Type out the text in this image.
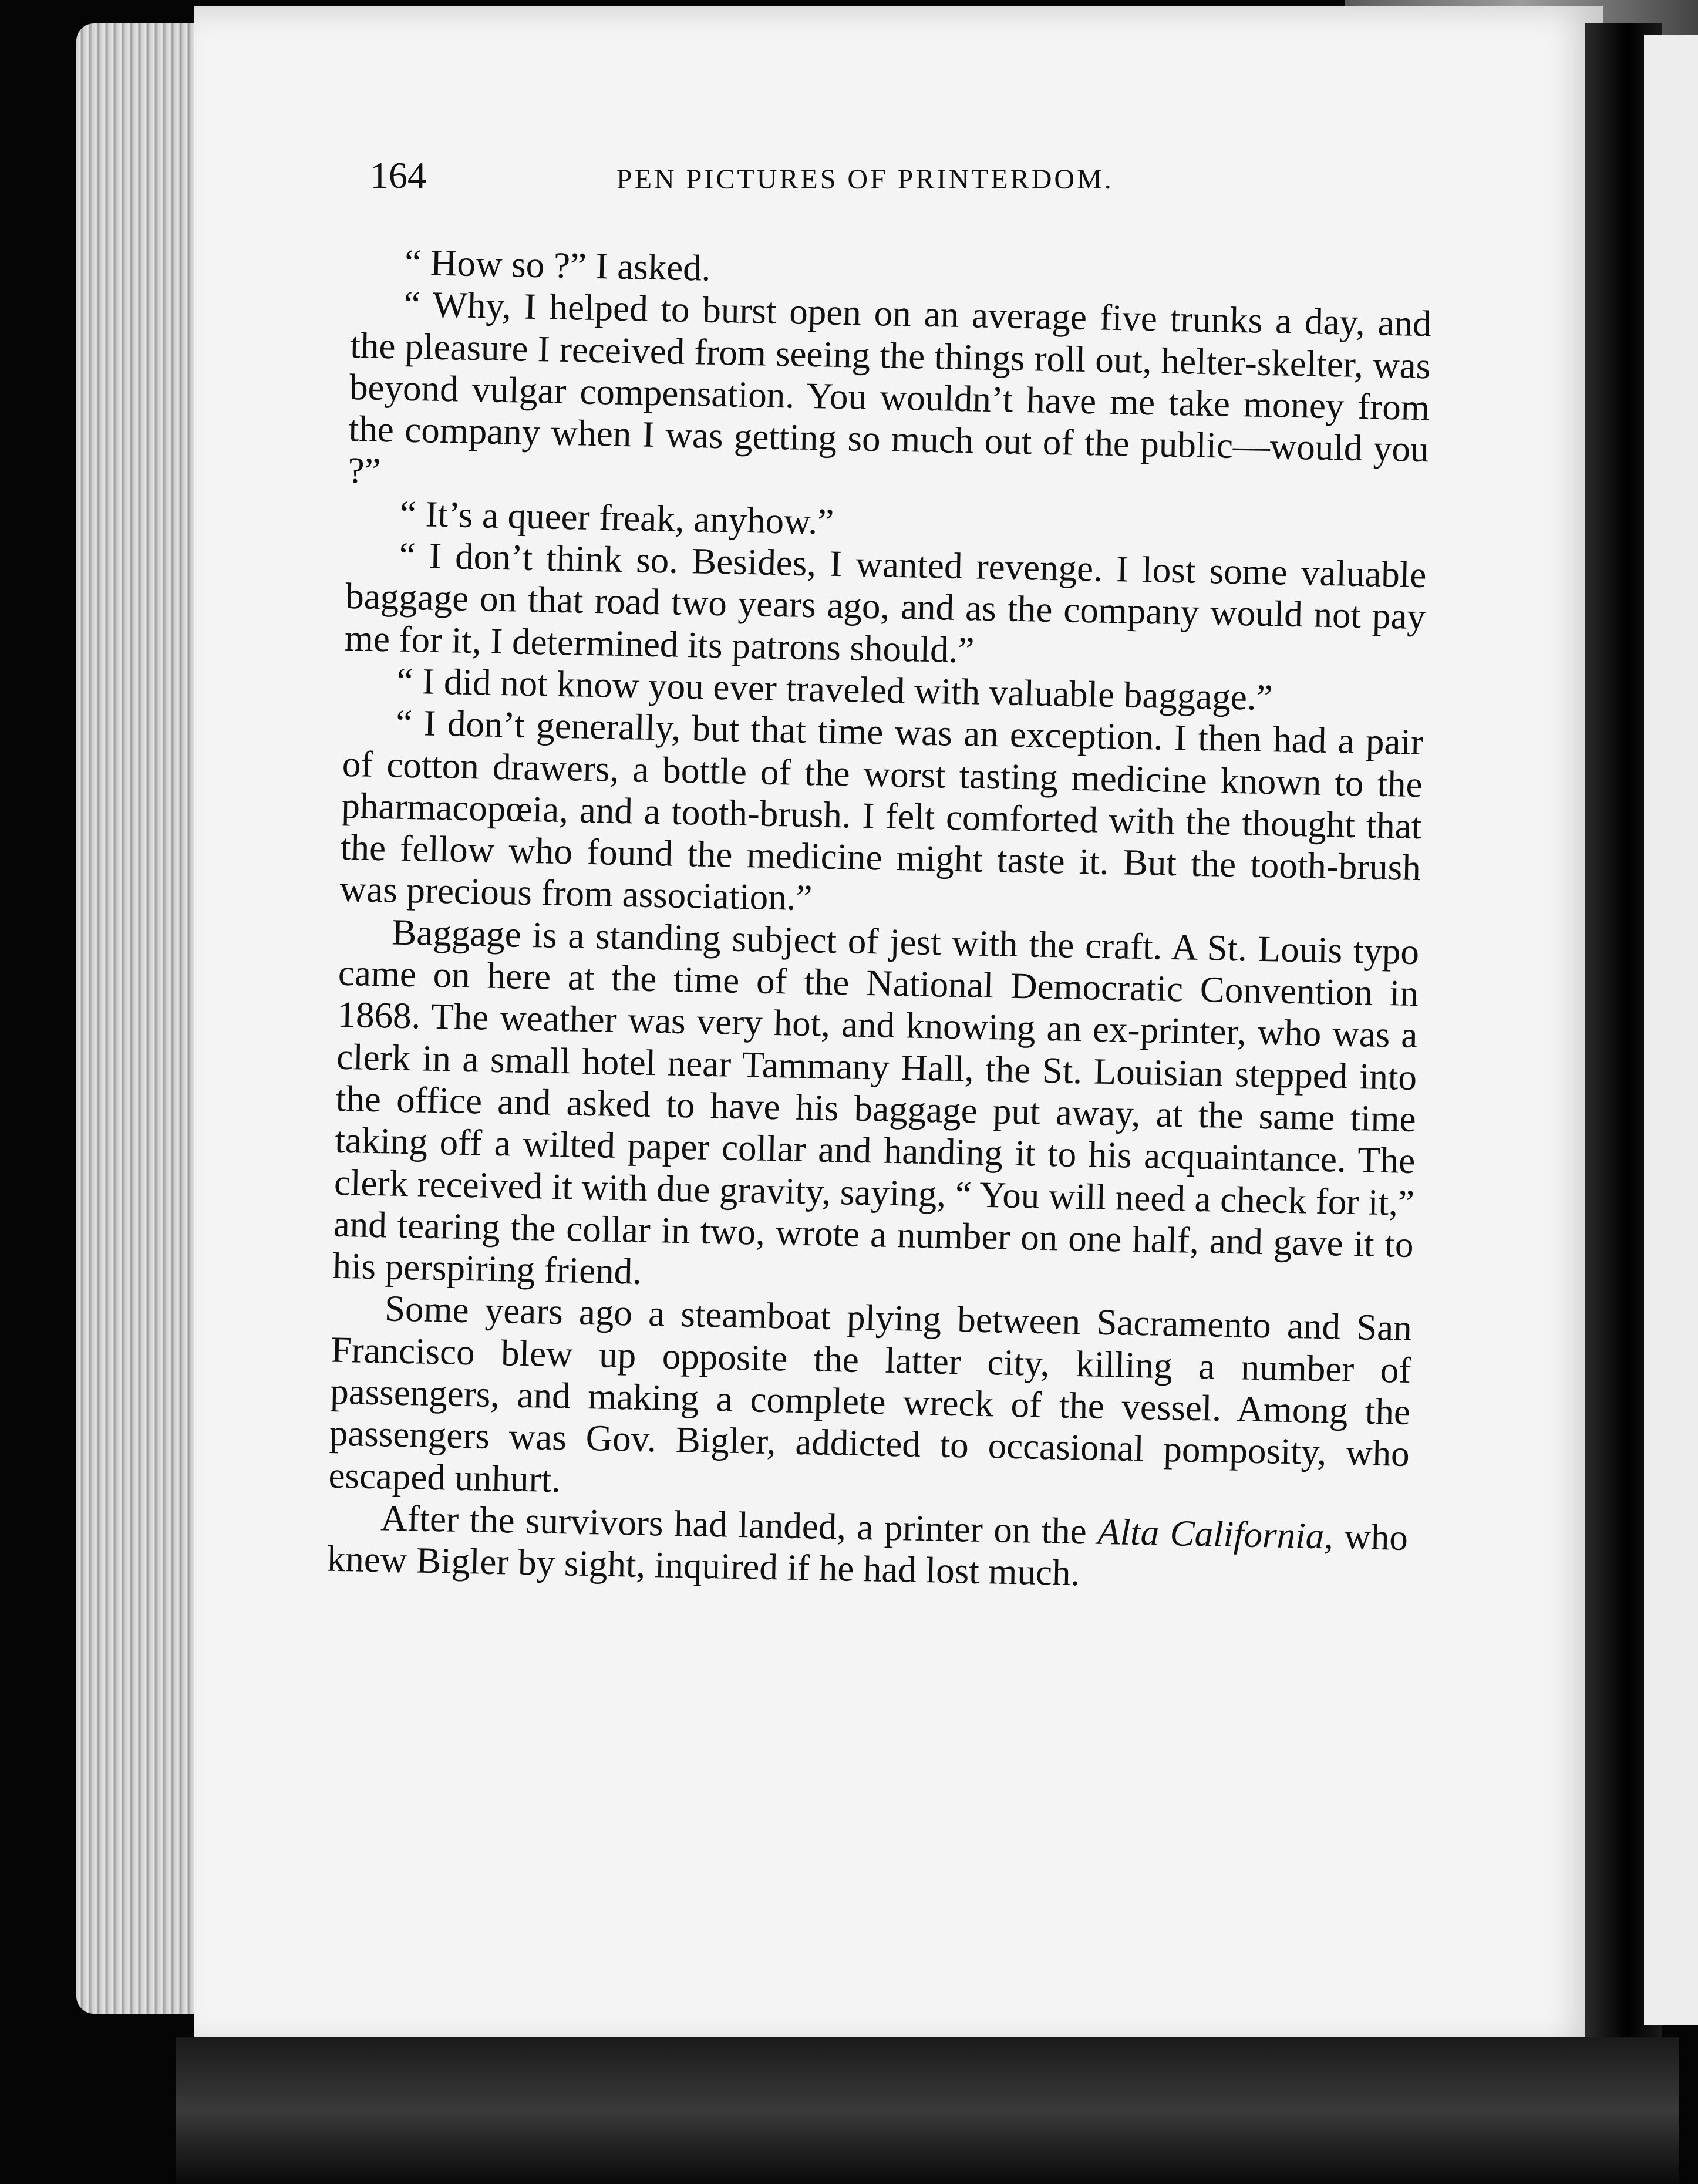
164	PEN PICTURES OF PRINTERDOM.

“ How so ?” I asked.

“ Why, I helped to burst open on an average five trunks a day, and the pleasure I received from seeing the things roll out, helter-skelter, was beyond vulgar compensation. You wouldn’t have me take money from the company when I was getting so much out of the public—would you ?”

“ It’s a queer freak, anyhow.”

“ I don’t think so. Besides, I wanted revenge. I lost some valuable baggage on that road two years ago, and as the company would not pay me for it, I determined its patrons should.”

“ I did not know you ever traveled with valuable baggage.”

“ I don’t generally, but that time was an exception. I then had a pair of cotton drawers, a bottle of the worst tasting medicine known to the pharmacopœia, and a tooth-brush. I felt comforted with the thought that the fellow who found the medicine might taste it. But the tooth-brush was precious from association.”

Baggage is a standing subject of jest with the craft. A St. Louis typo came on here at the time of the National Democratic Convention in 1868. The weather was very hot, and knowing an ex-printer, who was a clerk in a small hotel near Tammany Hall, the St. Louisian stepped into the office and asked to have his baggage put away, at the same time taking off a wilted paper collar and handing it to his acquaintance. The clerk received it with due gravity, saying, “ You will need a check for it,” and tearing the collar in two, wrote a number on one half, and gave it to his perspiring friend.

Some years ago a steamboat plying between Sacramento and San Francisco blew up opposite the latter city, killing a number of passengers, and making a complete wreck of the vessel. Among the passengers was Gov. Bigler, addicted to occasional pomposity, who escaped unhurt.

After the survivors had landed, a printer on the Alta California, who knew Bigler by sight, inquired if he had lost much.
